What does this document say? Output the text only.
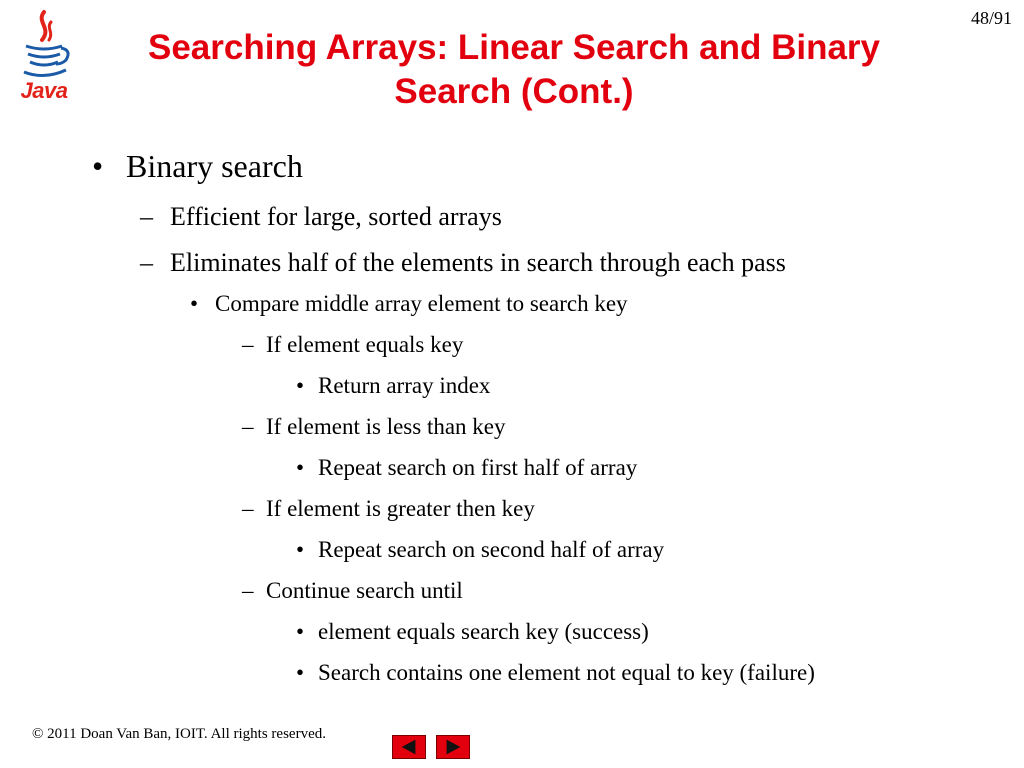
Java
48/91
Searching Arrays: Linear Search and Binary Search (Cont.)
• Binary search
– Efficient for large, sorted arrays
– Eliminates half of the elements in search through each pass
• Compare middle array element to search key
– If element equals key
• Return array index
– If element is less than key
• Repeat search on first half of array
– If element is greater then key
• Repeat search on second half of array
– Continue search until
• element equals search key (success)
• Search contains one element not equal to key (failure)
© 2011 Doan Van Ban, IOIT. All rights reserved.
